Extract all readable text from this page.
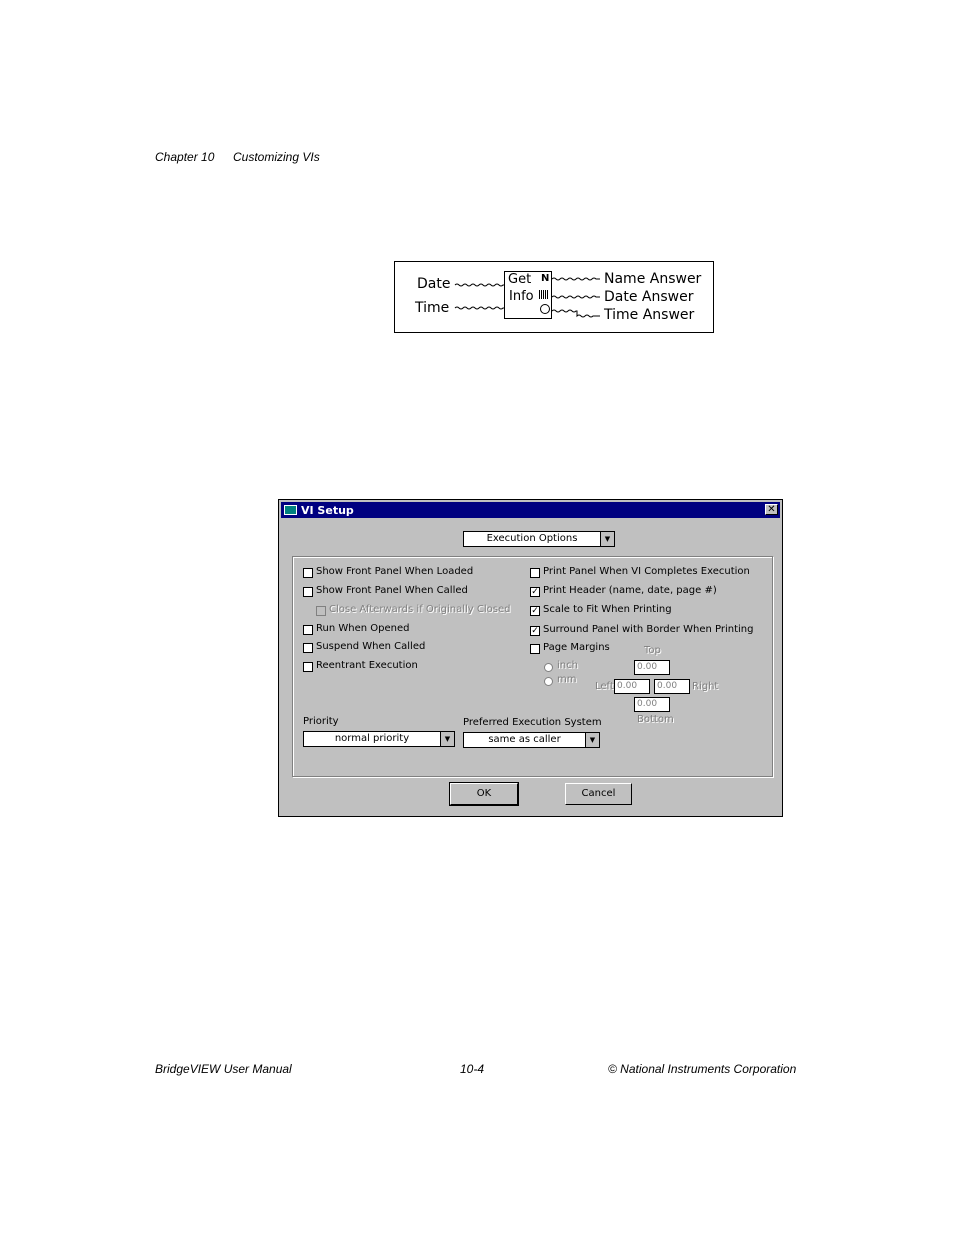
Chapter 10 Customizing VIs
Date
Time
Get
Info
N	Name Answer
Date Answer
Time Answer
VI Setup	✕
Execution Options	▼
Show Front Panel When Loaded
Show Front Panel When Called
Close Afterwards if Originally Closed
Run When Opened
Suspend When Called
Reentrant Execution
Print Panel When VI Completes Execution
✓ Print Header (name, date, page #)
✓ Scale to Fit When Printing
✓ Surround Panel with Border When Printing
Page Margins
inch
mm
Top
0.00
Left 0.00	0.00	Right
0.00
Bottom
Priority
normal priority	▼
Preferred Execution System
same as caller	▼
OK	Cancel
BridgeVIEW User Manual	10-4	© National Instruments Corporation
